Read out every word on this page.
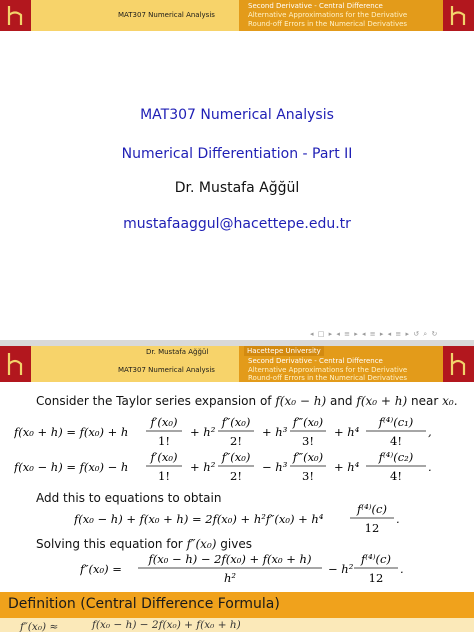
MAT307 Numerical Analysis
Second Derivative - Central Difference
Alternative Approximations for the Derivative
Round-off Errors in the Numerical Derivatives
MAT307 Numerical Analysis
Numerical Differentiation - Part II
Dr. Mustafa Ağğül
mustafaaggul@hacettepe.edu.tr
◂ □ ▸ ◂ ≡ ▸ ◂ ≡ ▸ ◂ ≡ ▸ ↺ ⌕ ↻
Dr. Mustafa Ağğül
MAT307 Numerical Analysis
Hacettepe University
Second Derivative - Central Difference
Alternative Approximations for the Derivative
Round-off Errors in the Numerical Derivatives
Consider the Taylor series expansion of f(x₀ − h) and f(x₀ + h) near x₀.
f(x₀ + h) = f(x₀) + h
f′(x₀)
1!
+ h²
f″(x₀)
2!
+ h³
f‴(x₀)
3!
+ h⁴
f⁽⁴⁾(c₁)
4!
,
f(x₀ − h) = f(x₀) − h
f′(x₀)
1!
+ h²
f″(x₀)
2!
− h³
f‴(x₀)
3!
+ h⁴
f⁽⁴⁾(c₂)
4!
.
Add this to equations to obtain
f(x₀ − h) + f(x₀ + h) = 2f(x₀) + h²f″(x₀) + h⁴
f⁽⁴⁾(c)
12
.
Solving this equation for f″(x₀) gives
f″(x₀) =
f(x₀ − h) − 2f(x₀) + f(x₀ + h)
h²
− h²
f⁽⁴⁾(c)
12
.
Definition (Central Difference Formula)
f″(x₀) ≈	f(x₀ − h) − 2f(x₀) + f(x₀ + h)
